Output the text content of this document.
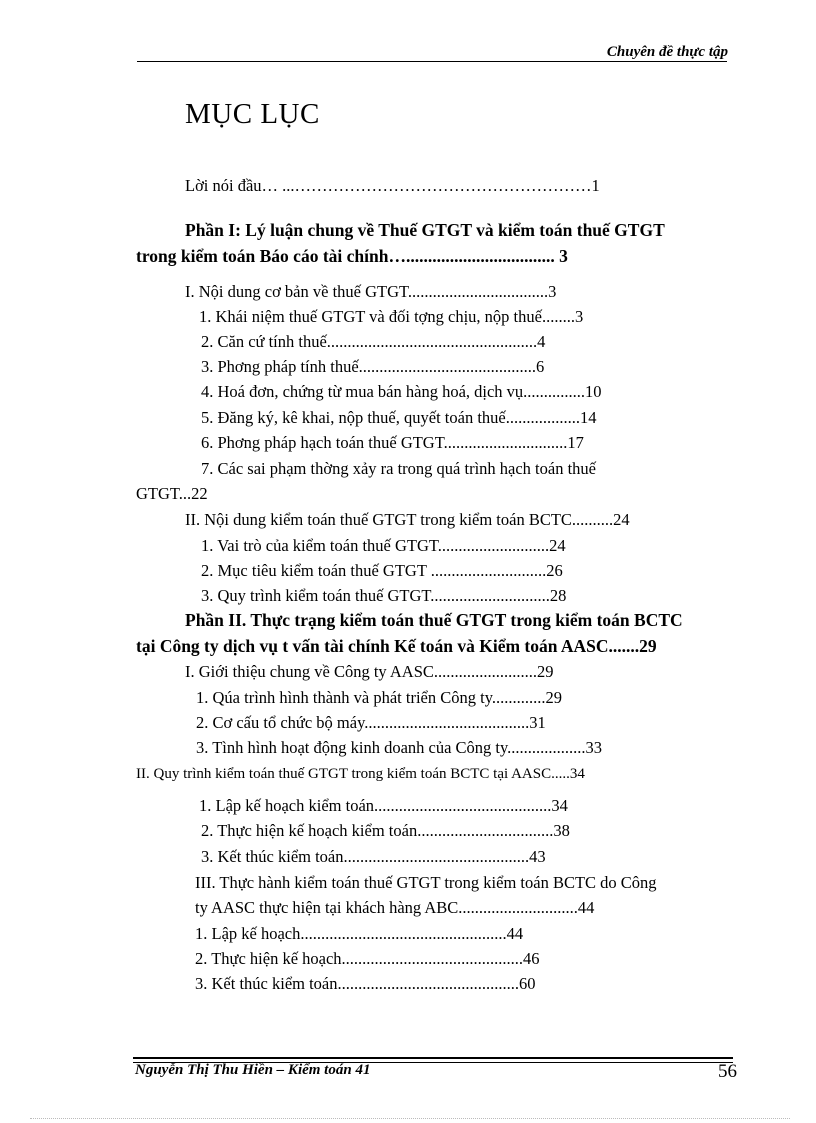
Chuyên đề thực tập
MỤC LỤC
Lời nói đầu… ...………………………………………………1
Phần I: Lý luận chung về Thuế GTGT và kiểm toán thuế GTGT
trong kiểm toán Báo cáo tài chính….................................. 3
I. Nội dung cơ bản về thuế GTGT..................................3
1. Khái niệm thuế GTGT và đối tợng chịu, nộp thuế........3
2. Căn cứ tính thuế...................................................4
3. Phơng pháp tính thuế...........................................6
4. Hoá đơn, chứng từ mua bán hàng hoá, dịch vụ...............10
5. Đăng ký, kê khai, nộp thuế, quyết toán thuế..................14
6. Phơng pháp hạch toán thuế GTGT..............................17
7. Các sai phạm thờng xảy ra trong quá trình hạch toán thuế
GTGT...22
II. Nội dung kiểm toán thuế GTGT trong kiểm toán BCTC..........24
1. Vai trò của kiểm toán thuế GTGT...........................24
2. Mục tiêu kiểm toán thuế GTGT ............................26
3. Quy trình kiểm toán thuế GTGT.............................28
Phần II. Thực trạng kiểm toán thuế GTGT trong kiểm toán BCTC
tại Công ty dịch vụ t vấn tài chính Kế toán và Kiểm toán AASC.......29
I. Giới thiệu chung về Công ty AASC.........................29
1. Qúa trình hình thành và phát triển Công ty.............29
2. Cơ cấu tổ chức bộ máy........................................31
3. Tình hình hoạt động kinh doanh của Công ty...................33
II. Quy trình kiểm toán thuế GTGT trong kiểm toán BCTC tại AASC.....34
1. Lập kế hoạch kiểm toán...........................................34
2. Thực hiện kế hoạch kiểm toán.................................38
3. Kết thúc kiểm toán.............................................43
III. Thực hành kiểm toán thuế GTGT trong kiểm toán BCTC do Công
ty AASC thực hiện tại khách hàng ABC.............................44
1. Lập kế hoạch..................................................44
2. Thực hiện kế hoạch............................................46
3. Kết thúc kiểm toán............................................60
Nguyễn Thị Thu Hiền – Kiểm toán 41	56
